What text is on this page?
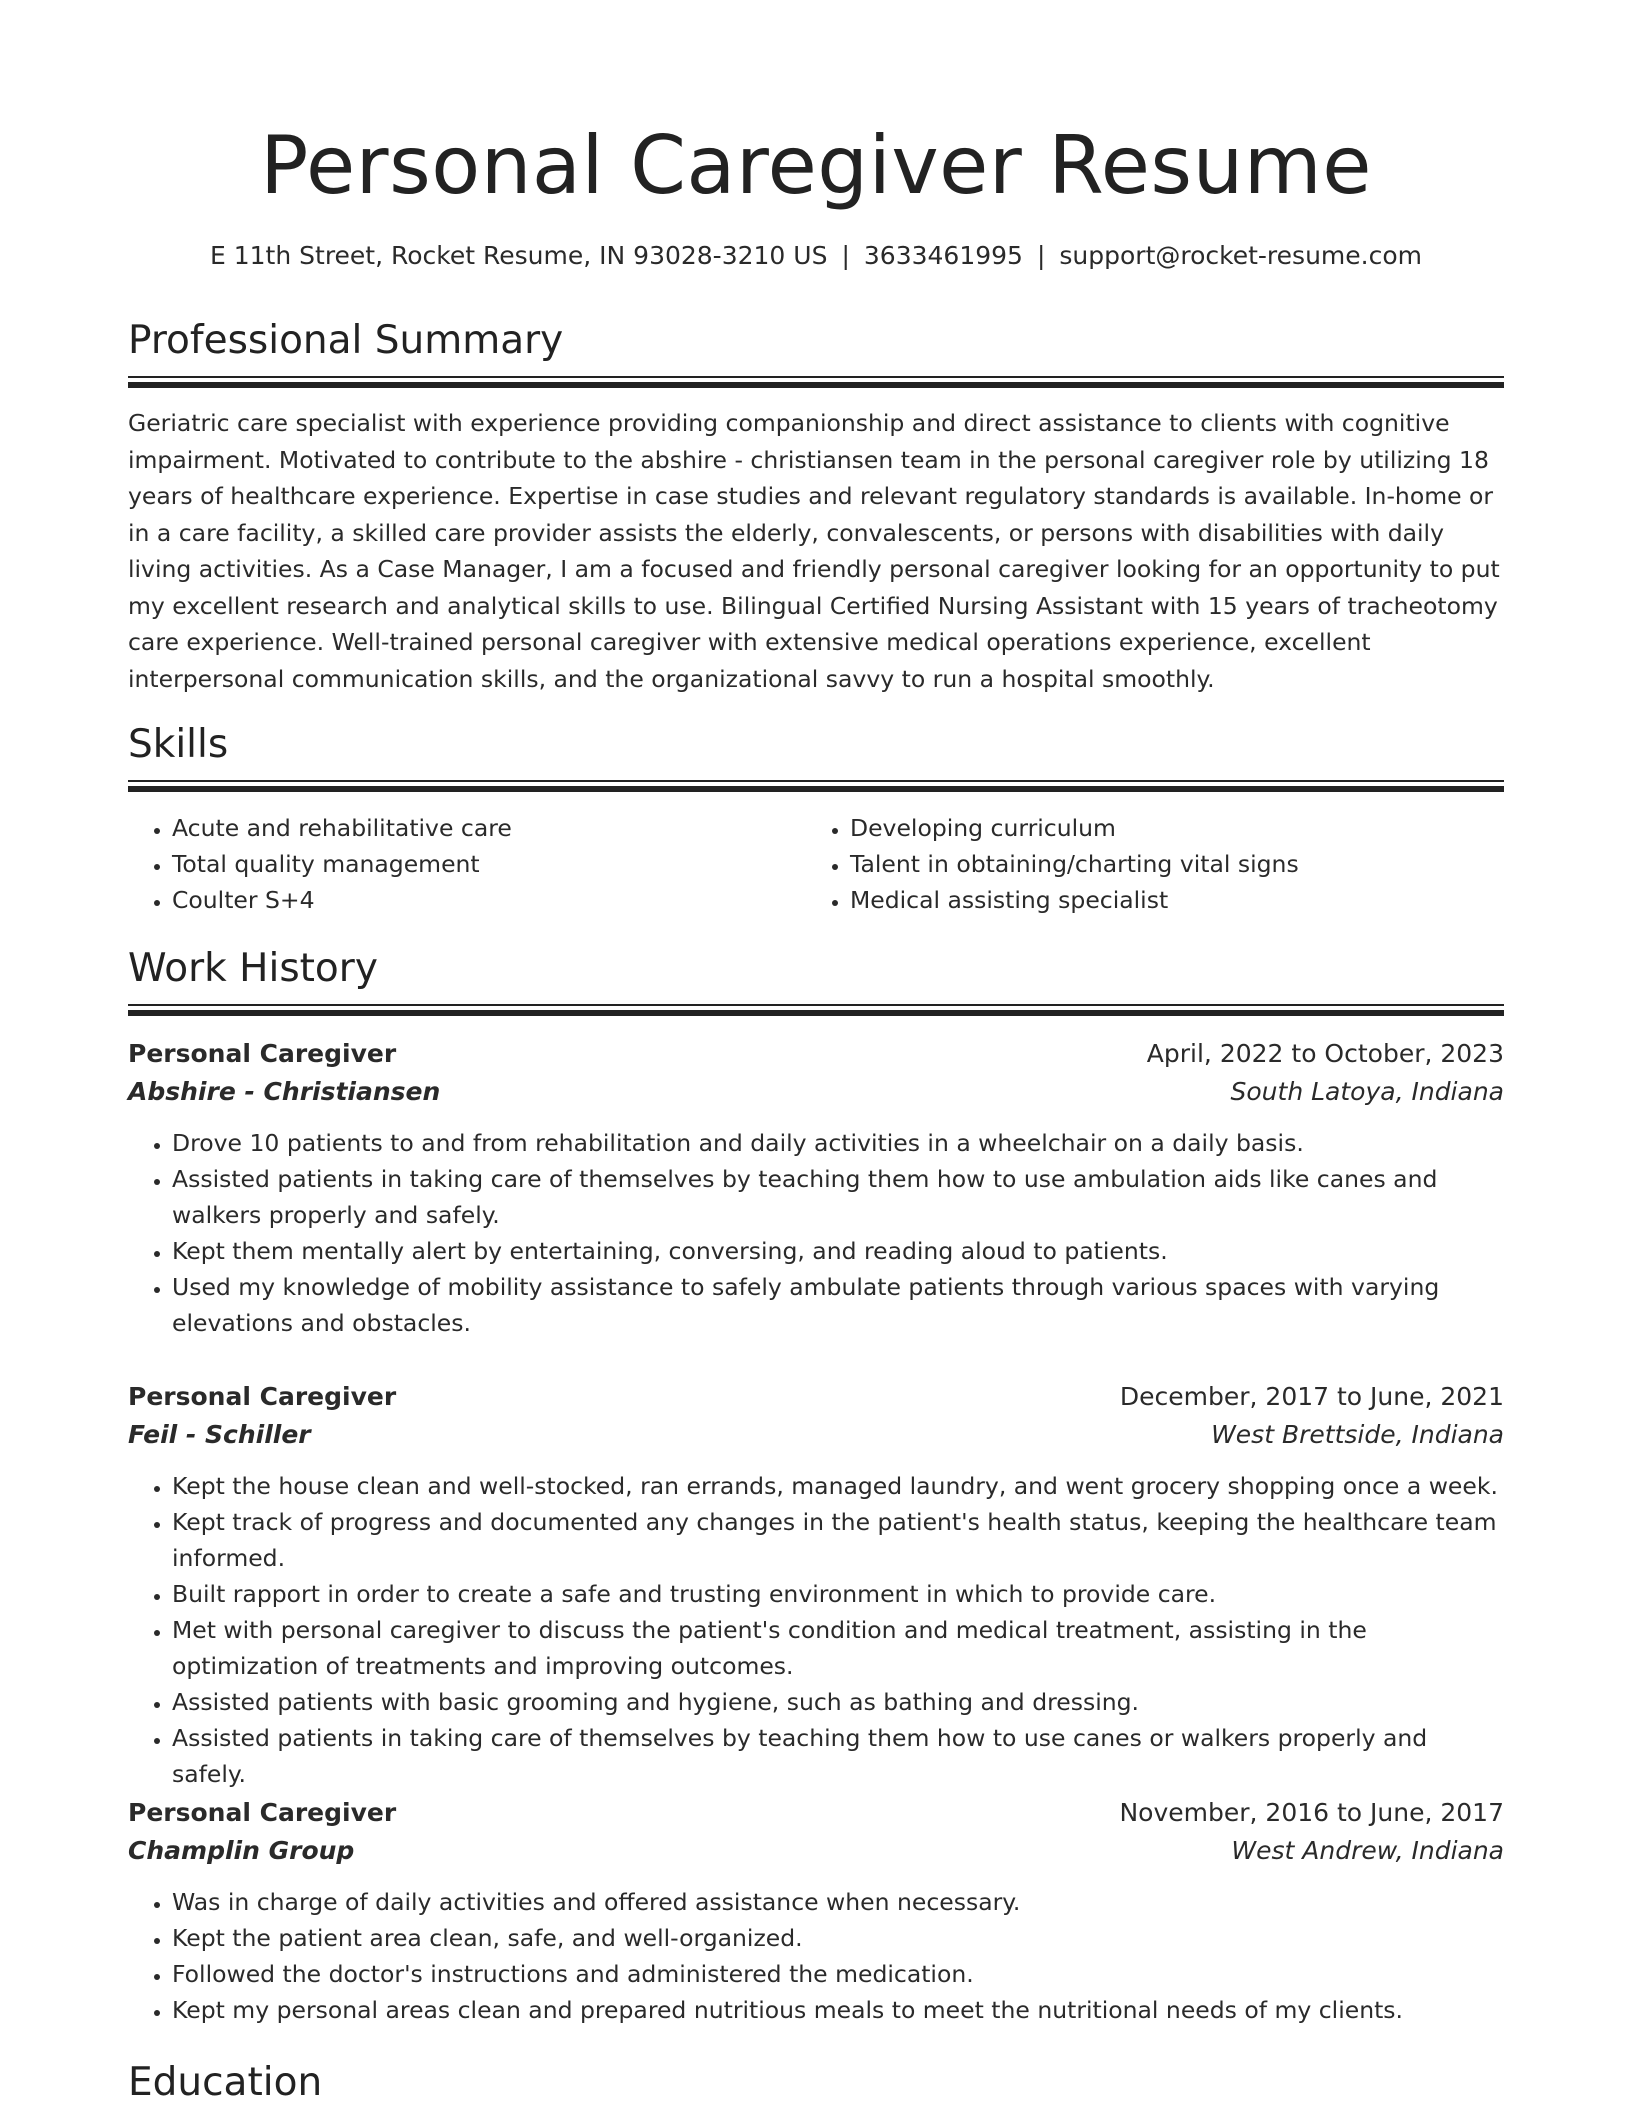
Personal Caregiver Resume
E 11th Street, Rocket Resume, IN 93028-3210 US | 3633461995 | support@rocket-resume.com
Professional Summary

Geriatric care specialist with experience providing companionship and direct assistance to clients with cognitive impairment. Motivated to contribute to the abshire - christiansen team in the personal caregiver role by utilizing 18 years of healthcare experience. Expertise in case studies and relevant regulatory standards is available. In-home or in a care facility, a skilled care provider assists the elderly, convalescents, or persons with disabilities with daily living activities. As a Case Manager, I am a focused and friendly personal caregiver looking for an opportunity to put my excellent research and analytical skills to use. Bilingual Certified Nursing Assistant with 15 years of tracheotomy care experience. Well-trained personal caregiver with extensive medical operations experience, excellent interpersonal communication skills, and the organizational savvy to run a hospital smoothly.

Skills
• Acute and rehabilitative care
• Total quality management
• Coulter S+4
• Developing curriculum
• Talent in obtaining/charting vital signs
• Medical assisting specialist
Work History
Personal Caregiver	April, 2022 to October, 2023
Abshire - Christiansen	South Latoya, Indiana
• Drove 10 patients to and from rehabilitation and daily activities in a wheelchair on a daily basis.
• Assisted patients in taking care of themselves by teaching them how to use ambulation aids like canes and walkers properly and safely.
• Kept them mentally alert by entertaining, conversing, and reading aloud to patients.
• Used my knowledge of mobility assistance to safely ambulate patients through various spaces with varying elevations and obstacles.
Personal Caregiver	December, 2017 to June, 2021
Feil - Schiller	West Brettside, Indiana
• Kept the house clean and well-stocked, ran errands, managed laundry, and went grocery shopping once a week.
• Kept track of progress and documented any changes in the patient's health status, keeping the healthcare team informed.
• Built rapport in order to create a safe and trusting environment in which to provide care.
• Met with personal caregiver to discuss the patient's condition and medical treatment, assisting in the optimization of treatments and improving outcomes.
• Assisted patients with basic grooming and hygiene, such as bathing and dressing.
• Assisted patients in taking care of themselves by teaching them how to use canes or walkers properly and safely.
Personal Caregiver	November, 2016 to June, 2017
Champlin Group	West Andrew, Indiana
• Was in charge of daily activities and offered assistance when necessary.
• Kept the patient area clean, safe, and well-organized.
• Followed the doctor's instructions and administered the medication.
• Kept my personal areas clean and prepared nutritious meals to meet the nutritional needs of my clients.
Education
